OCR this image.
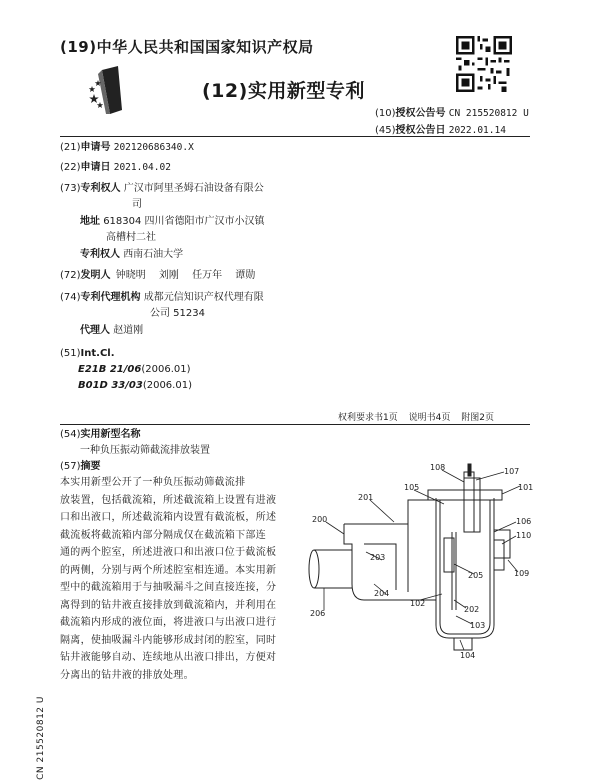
(19)中华人民共和国国家知识产权局
(12)实用新型专利
(10)授权公告号 CN 215520812 U
(45)授权公告日 2022.01.14
(21)申请号 202120686340.X
(22)申请日 2021.04.02
(73)专利权人 广汉市阿里圣姆石油设备有限公
司
地址 618304 四川省德阳市广汉市小汉镇
高槽村二社
专利权人 西南石油大学
(72)发明人 钟晓明 刘刚 任万年 谭勋
(74)专利代理机构 成都元信知识产权代理有限
公司 51234
代理人 赵道刚
(51)Int.Cl.
E21B 21/06(2006.01)
B01D 33/03(2006.01)
权利要求书1页 说明书4页 附图2页
(54)实用新型名称
一种负压振动筛截流排放装置
(57)摘要
本实用新型公开了一种负压振动筛截流排
放装置，包括截流箱，所述截流箱上设置有进液
口和出液口，所述截流箱内设置有截流板，所述
截流板将截流箱内部分隔成仅在截流箱下部连
通的两个腔室，所述进液口和出液口位于截流板
的两侧，分别与两个所述腔室相连通。本实用新
型中的截流箱用于与抽吸漏斗之间直接连接，分
离得到的钻井液直接排放到截流箱内，并利用在
截流箱内形成的液位面，将进液口与出液口进行
隔离，使抽吸漏斗内能够形成封闭的腔室，同时
钻井液能够自动、连续地从出液口排出，方便对
分离出的钻井液的排放处理。
108	107
101
105
201
200	106
110
203
204
205	109
206
102
202
103
104
CN 215520812 U
